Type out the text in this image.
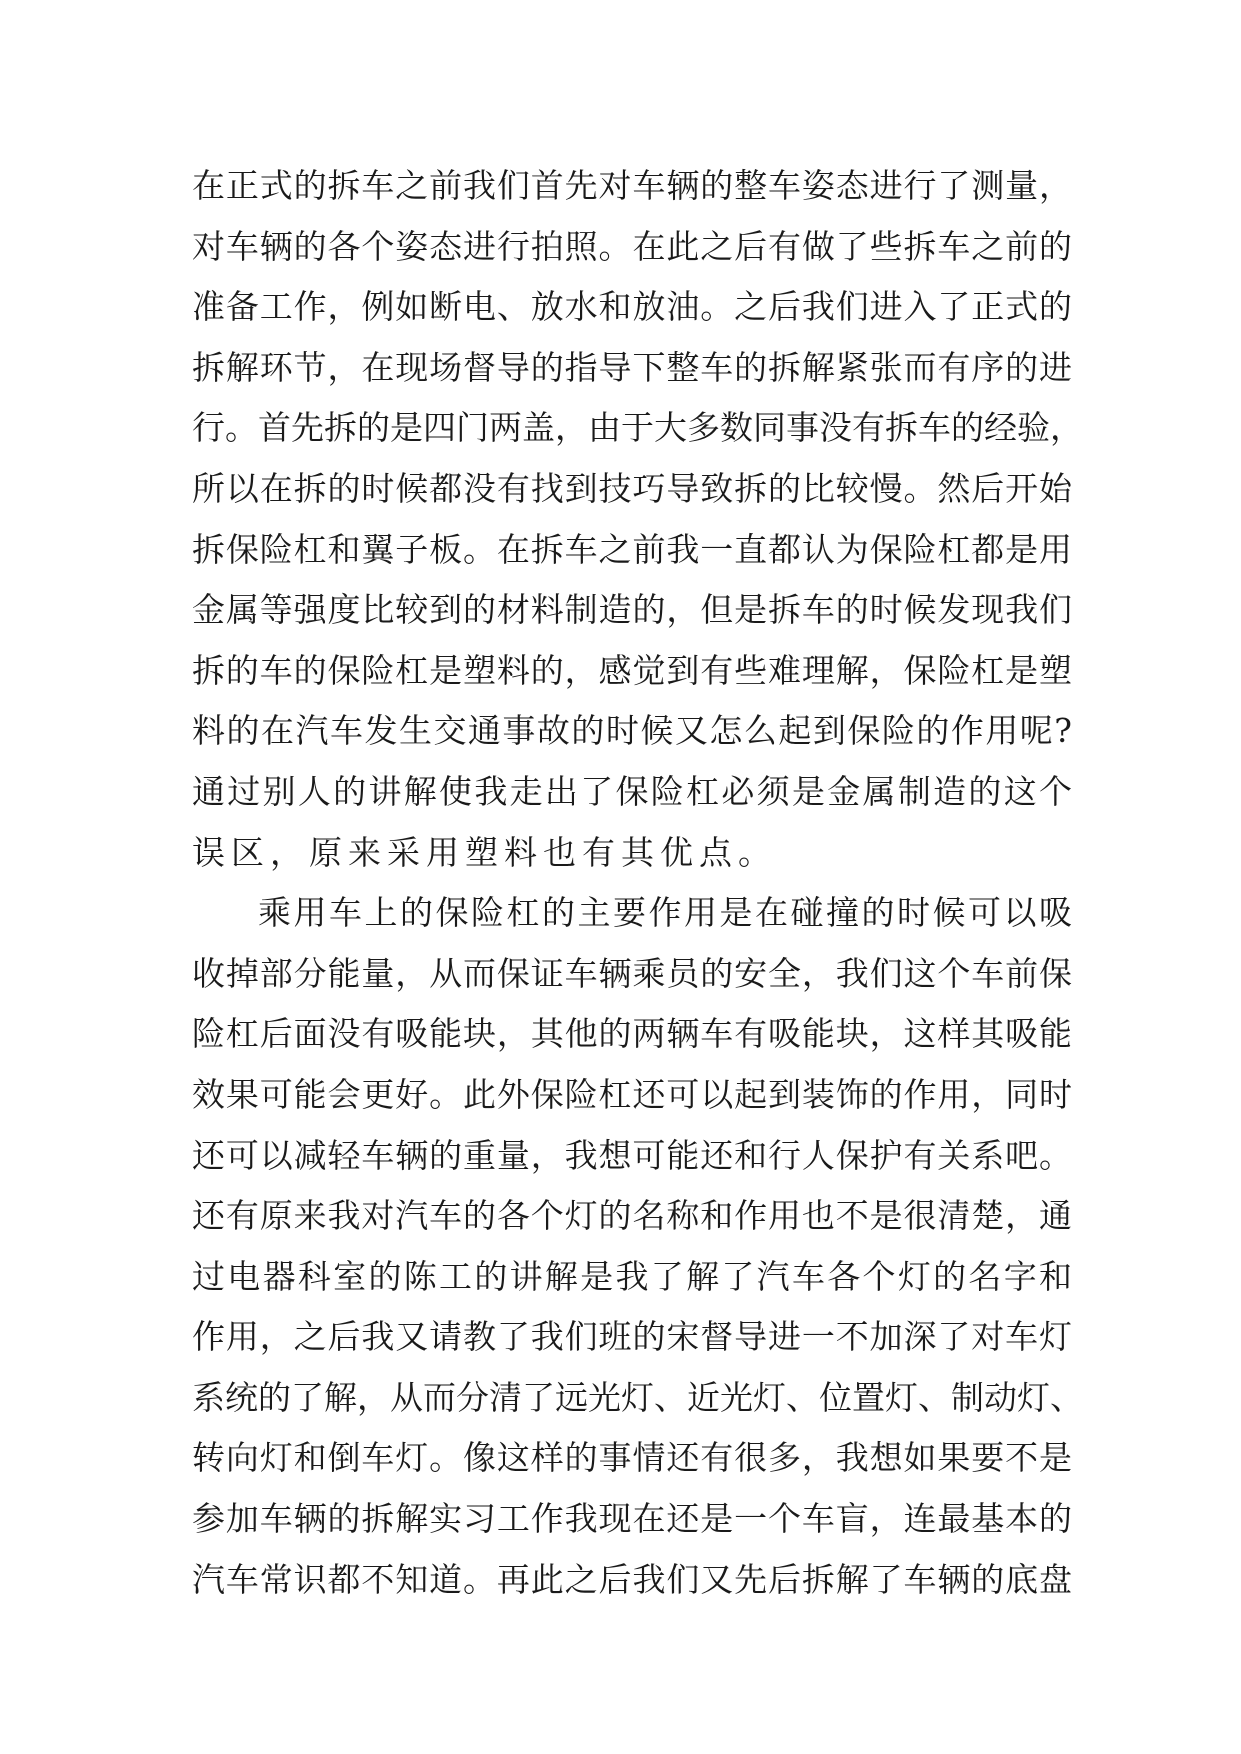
在正式的拆车之前我们首先对车辆的整车姿态进行了测量，
对车辆的各个姿态进行拍照。在此之后有做了些拆车之前的
准备工作，例如断电、放水和放油。之后我们进入了正式的
拆解环节，在现场督导的指导下整车的拆解紧张而有序的进
行。首先拆的是四门两盖，由于大多数同事没有拆车的经验，
所以在拆的时候都没有找到技巧导致拆的比较慢。然后开始
拆保险杠和翼子板。在拆车之前我一直都认为保险杠都是用
金属等强度比较到的材料制造的，但是拆车的时候发现我们
拆的车的保险杠是塑料的，感觉到有些难理解，保险杠是塑
料的在汽车发生交通事故的时候又怎么起到保险的作用呢?
通过别人的讲解使我走出了保险杠必须是金属制造的这个
误区，原来采用塑料也有其优点。
乘用车上的保险杠的主要作用是在碰撞的时候可以吸
收掉部分能量，从而保证车辆乘员的安全，我们这个车前保
险杠后面没有吸能块，其他的两辆车有吸能块，这样其吸能
效果可能会更好。此外保险杠还可以起到装饰的作用，同时
还可以减轻车辆的重量，我想可能还和行人保护有关系吧。
还有原来我对汽车的各个灯的名称和作用也不是很清楚，通
过电器科室的陈工的讲解是我了解了汽车各个灯的名字和
作用，之后我又请教了我们班的宋督导进一不加深了对车灯
系统的了解，从而分清了远光灯、近光灯、位置灯、制动灯、
转向灯和倒车灯。像这样的事情还有很多，我想如果要不是
参加车辆的拆解实习工作我现在还是一个车盲，连最基本的
汽车常识都不知道。再此之后我们又先后拆解了车辆的底盘
